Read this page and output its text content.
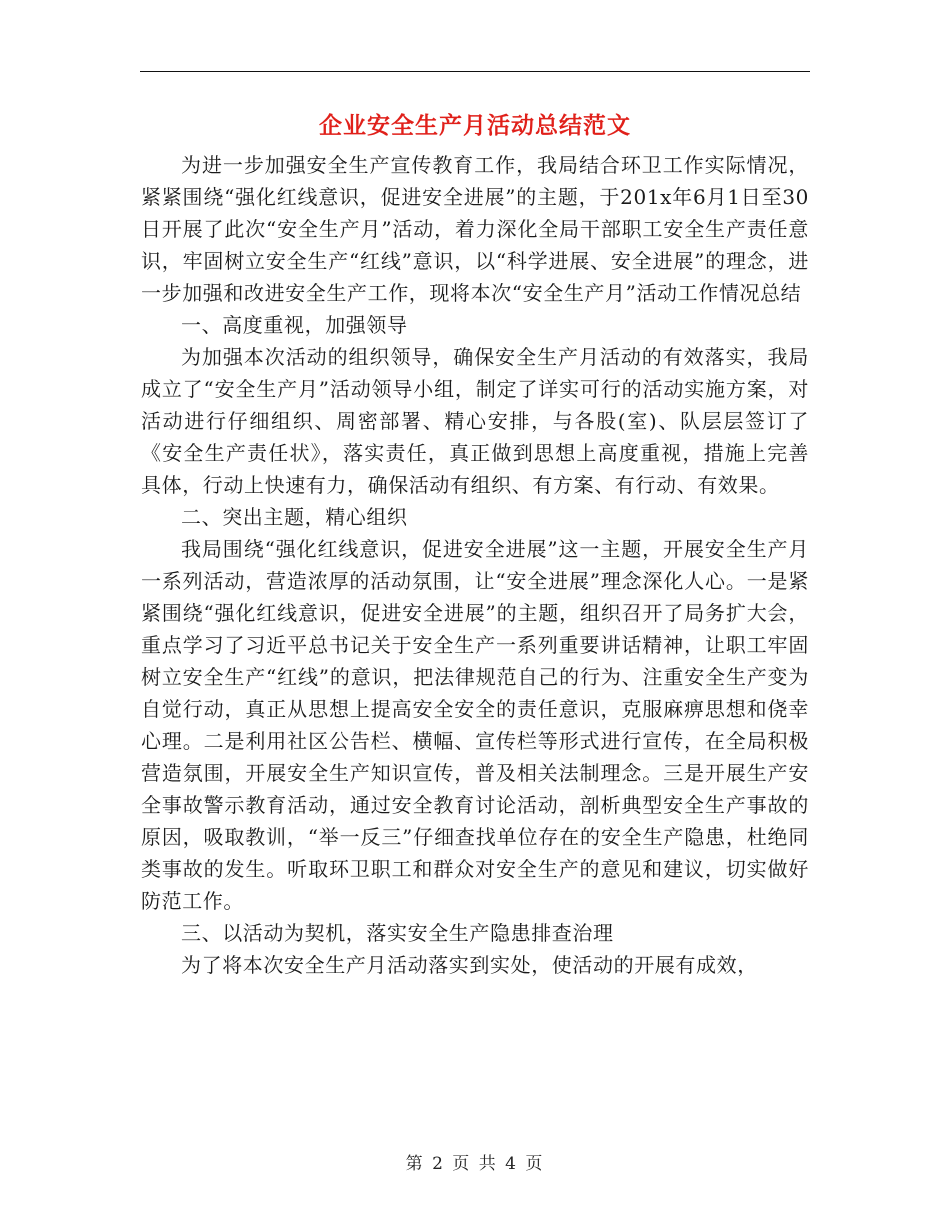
企业安全生产月活动总结范文

为进一步加强安全生产宣传教育工作，我局结合环卫工作实际情况，紧紧围绕“强化红线意识，促进安全进展”的主题，于201x年6月1日至30日开展了此次“安全生产月”活动，着力深化全局干部职工安全生产责任意识，牢固树立安全生产“红线”意识，以“科学进展、安全进展”的理念，进一步加强和改进安全生产工作，现将本次“安全生产月”活动工作情况总结

一、高度重视，加强领导

为加强本次活动的组织领导，确保安全生产月活动的有效落实，我局成立了“安全生产月”活动领导小组，制定了详实可行的活动实施方案，对活动进行仔细组织、周密部署、精心安排，与各股(室)、队层层签订了《安全生产责任状》，落实责任，真正做到思想上高度重视，措施上完善具体，行动上快速有力，确保活动有组织、有方案、有行动、有效果。

二、突出主题，精心组织

我局围绕“强化红线意识，促进安全进展”这一主题，开展安全生产月一系列活动，营造浓厚的活动氛围，让“安全进展”理念深化人心。一是紧紧围绕“强化红线意识，促进安全进展”的主题，组织召开了局务扩大会，重点学习了习近平总书记关于安全生产一系列重要讲话精神，让职工牢固树立安全生产“红线”的意识，把法律规范自己的行为、注重安全生产变为自觉行动，真正从思想上提高安全安全的责任意识，克服麻痹思想和侥幸心理。二是利用社区公告栏、横幅、宣传栏等形式进行宣传，在全局积极营造氛围，开展安全生产知识宣传，普及相关法制理念。三是开展生产安全事故警示教育活动，通过安全教育讨论活动，剖析典型安全生产事故的原因，吸取教训，“举一反三”仔细查找单位存在的安全生产隐患，杜绝同类事故的发生。听取环卫职工和群众对安全生产的意见和建议，切实做好防范工作。

三、以活动为契机，落实安全生产隐患排查治理

为了将本次安全生产月活动落实到实处，使活动的开展有成效，

第 2 页 共 4 页
